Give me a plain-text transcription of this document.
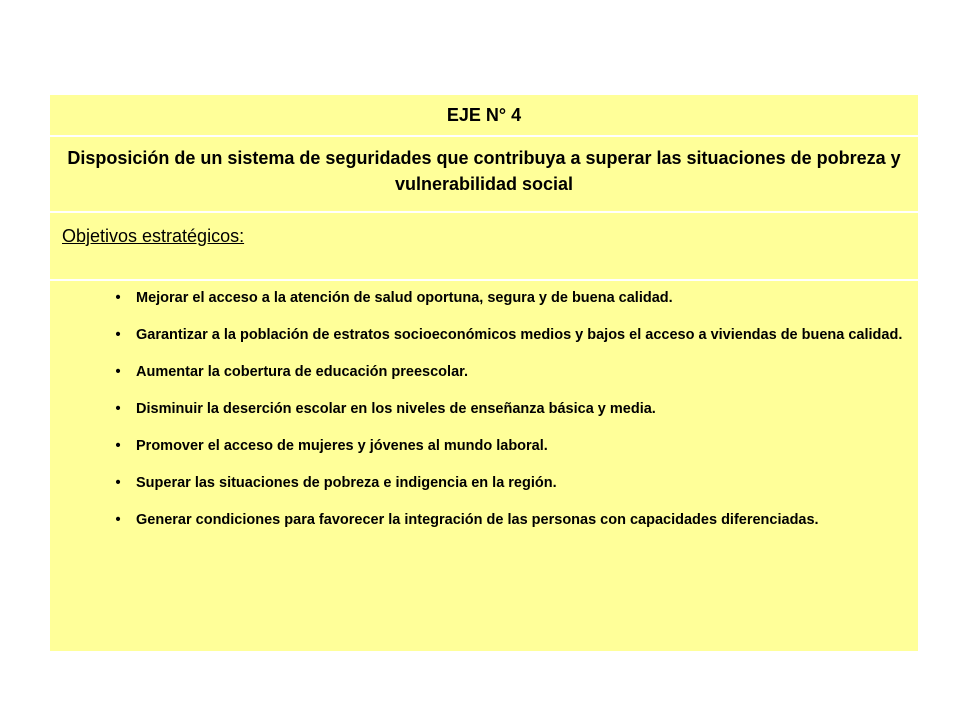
EJE N° 4
Disposición de un sistema de seguridades que contribuya a superar las situaciones de pobreza y vulnerabilidad social
Objetivos estratégicos:
•	Mejorar el acceso a la atención de salud oportuna, segura y de buena calidad.
•	Garantizar a la población de estratos socioeconómicos medios y bajos el acceso a viviendas de buena calidad.
•	Aumentar la cobertura de educación preescolar.
•	Disminuir la deserción escolar en los niveles de enseñanza básica y media.
•	Promover el acceso de mujeres y jóvenes al mundo laboral.
•	Superar las situaciones de pobreza e indigencia en la región.
•	Generar condiciones para favorecer la integración de las personas con capacidades diferenciadas.
